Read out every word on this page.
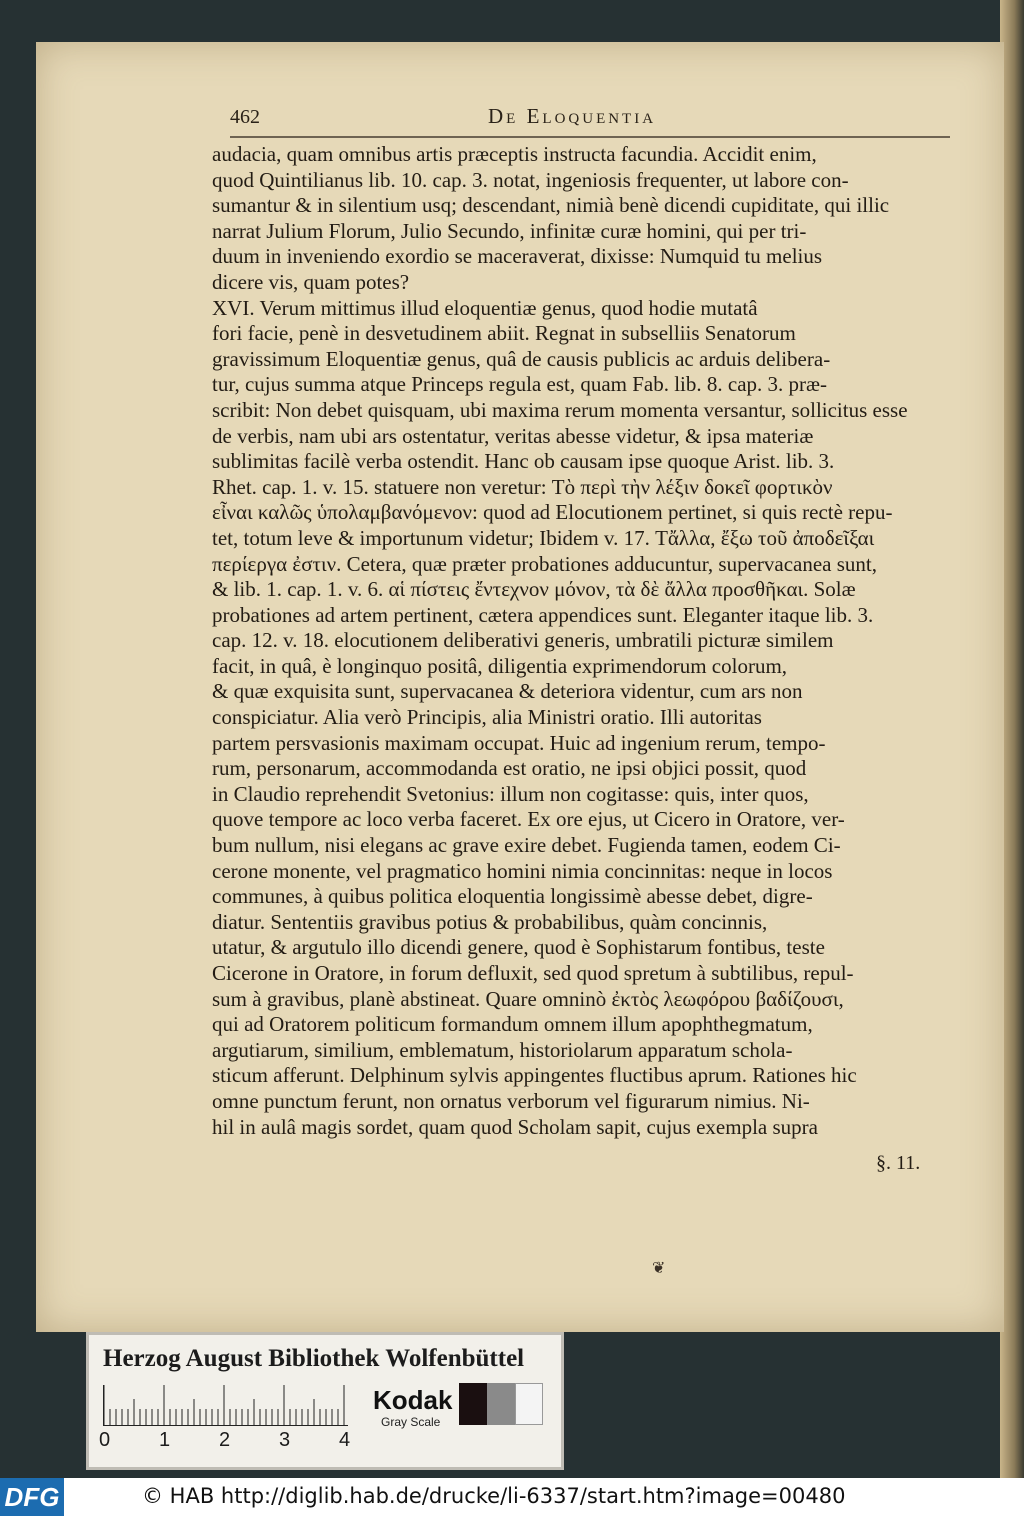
462	De Eloquentia
audacia, quam omnibus artis præceptis instructa facundia. Accidit enim,
quod Quintilianus lib. 10. cap. 3. notat, ingeniosis frequenter, ut labore con-
sumantur & in silentium usq; descendant, nimià benè dicendi cupiditate, qui illic
narrat Julium Florum, Julio Secundo, infinitæ curæ homini, qui per tri-
duum in inveniendo exordio se maceraverat, dixisse: Numquid tu melius
dicere vis, quam potes?
XVI. Verum mittimus illud eloquentiæ genus, quod hodie mutatâ
fori facie, penè in desvetudinem abiit. Regnat in subselliis Senatorum
gravissimum Eloquentiæ genus, quâ de causis publicis ac arduis delibera-
tur, cujus summa atque Princeps regula est, quam Fab. lib. 8. cap. 3. præ-
scribit: Non debet quisquam, ubi maxima rerum momenta versantur, sollicitus esse
de verbis, nam ubi ars ostentatur, veritas abesse videtur, & ipsa materiæ
sublimitas facilè verba ostendit. Hanc ob causam ipse quoque Arist. lib. 3.
Rhet. cap. 1. v. 15. statuere non veretur: Τὸ περὶ τὴν λέξιν δοκεῖ φορτικὸν
εἶναι καλῶς ὑπολαμβανόμενον: quod ad Elocutionem pertinet, si quis rectè repu-
tet, totum leve & importunum videtur; Ibidem v. 17. Τἄλλα, ἔξω τοῦ ἀποδεῖξαι
περίεργα ἐστιν. Cetera, quæ præter probationes adducuntur, supervacanea sunt,
& lib. 1. cap. 1. v. 6. αἱ πίστεις ἔντεχνον μόνον, τὰ δὲ ἄλλα προσθῆκαι. Solæ
probationes ad artem pertinent, cætera appendices sunt. Eleganter itaque lib. 3.
cap. 12. v. 18. elocutionem deliberativi generis, umbratili picturæ similem
facit, in quâ, è longinquo positâ, diligentia exprimendorum colorum,
& quæ exquisita sunt, supervacanea & deteriora videntur, cum ars non
conspiciatur. Alia verò Principis, alia Ministri oratio. Illi autoritas
partem persvasionis maximam occupat. Huic ad ingenium rerum, tempo-
rum, personarum, accommodanda est oratio, ne ipsi objici possit, quod
in Claudio reprehendit Svetonius: illum non cogitasse: quis, inter quos,
quove tempore ac loco verba faceret. Ex ore ejus, ut Cicero in Oratore, ver-
bum nullum, nisi elegans ac grave exire debet. Fugienda tamen, eodem Ci-
cerone monente, vel pragmatico homini nimia concinnitas: neque in locos
communes, à quibus politica eloquentia longissimè abesse debet, digre-
diatur. Sententiis gravibus potius & probabilibus, quàm concinnis,
utatur, & argutulo illo dicendi genere, quod è Sophistarum fontibus, teste
Cicerone in Oratore, in forum defluxit, sed quod spretum à subtilibus, repul-
sum à gravibus, planè abstineat. Quare omninò ἐκτὸς λεωφόρου βαδίζουσι,
qui ad Oratorem politicum formandum omnem illum apophthegmatum,
argutiarum, similium, emblematum, historiolarum apparatum schola-
sticum afferunt. Delphinum sylvis appingentes fluctibus aprum. Rationes hic
omne punctum ferunt, non ornatus verborum vel figurarum nimius. Ni-
hil in aulâ magis sordet, quam quod Scholam sapit, cujus exempla supra
§. 11.
❦
Herzog August Bibliothek Wolfenbüttel
0 1 2 3 4
Kodak
Gray Scale
DFG	© HAB http://diglib.hab.de/drucke/li-6337/start.htm?image=00480
